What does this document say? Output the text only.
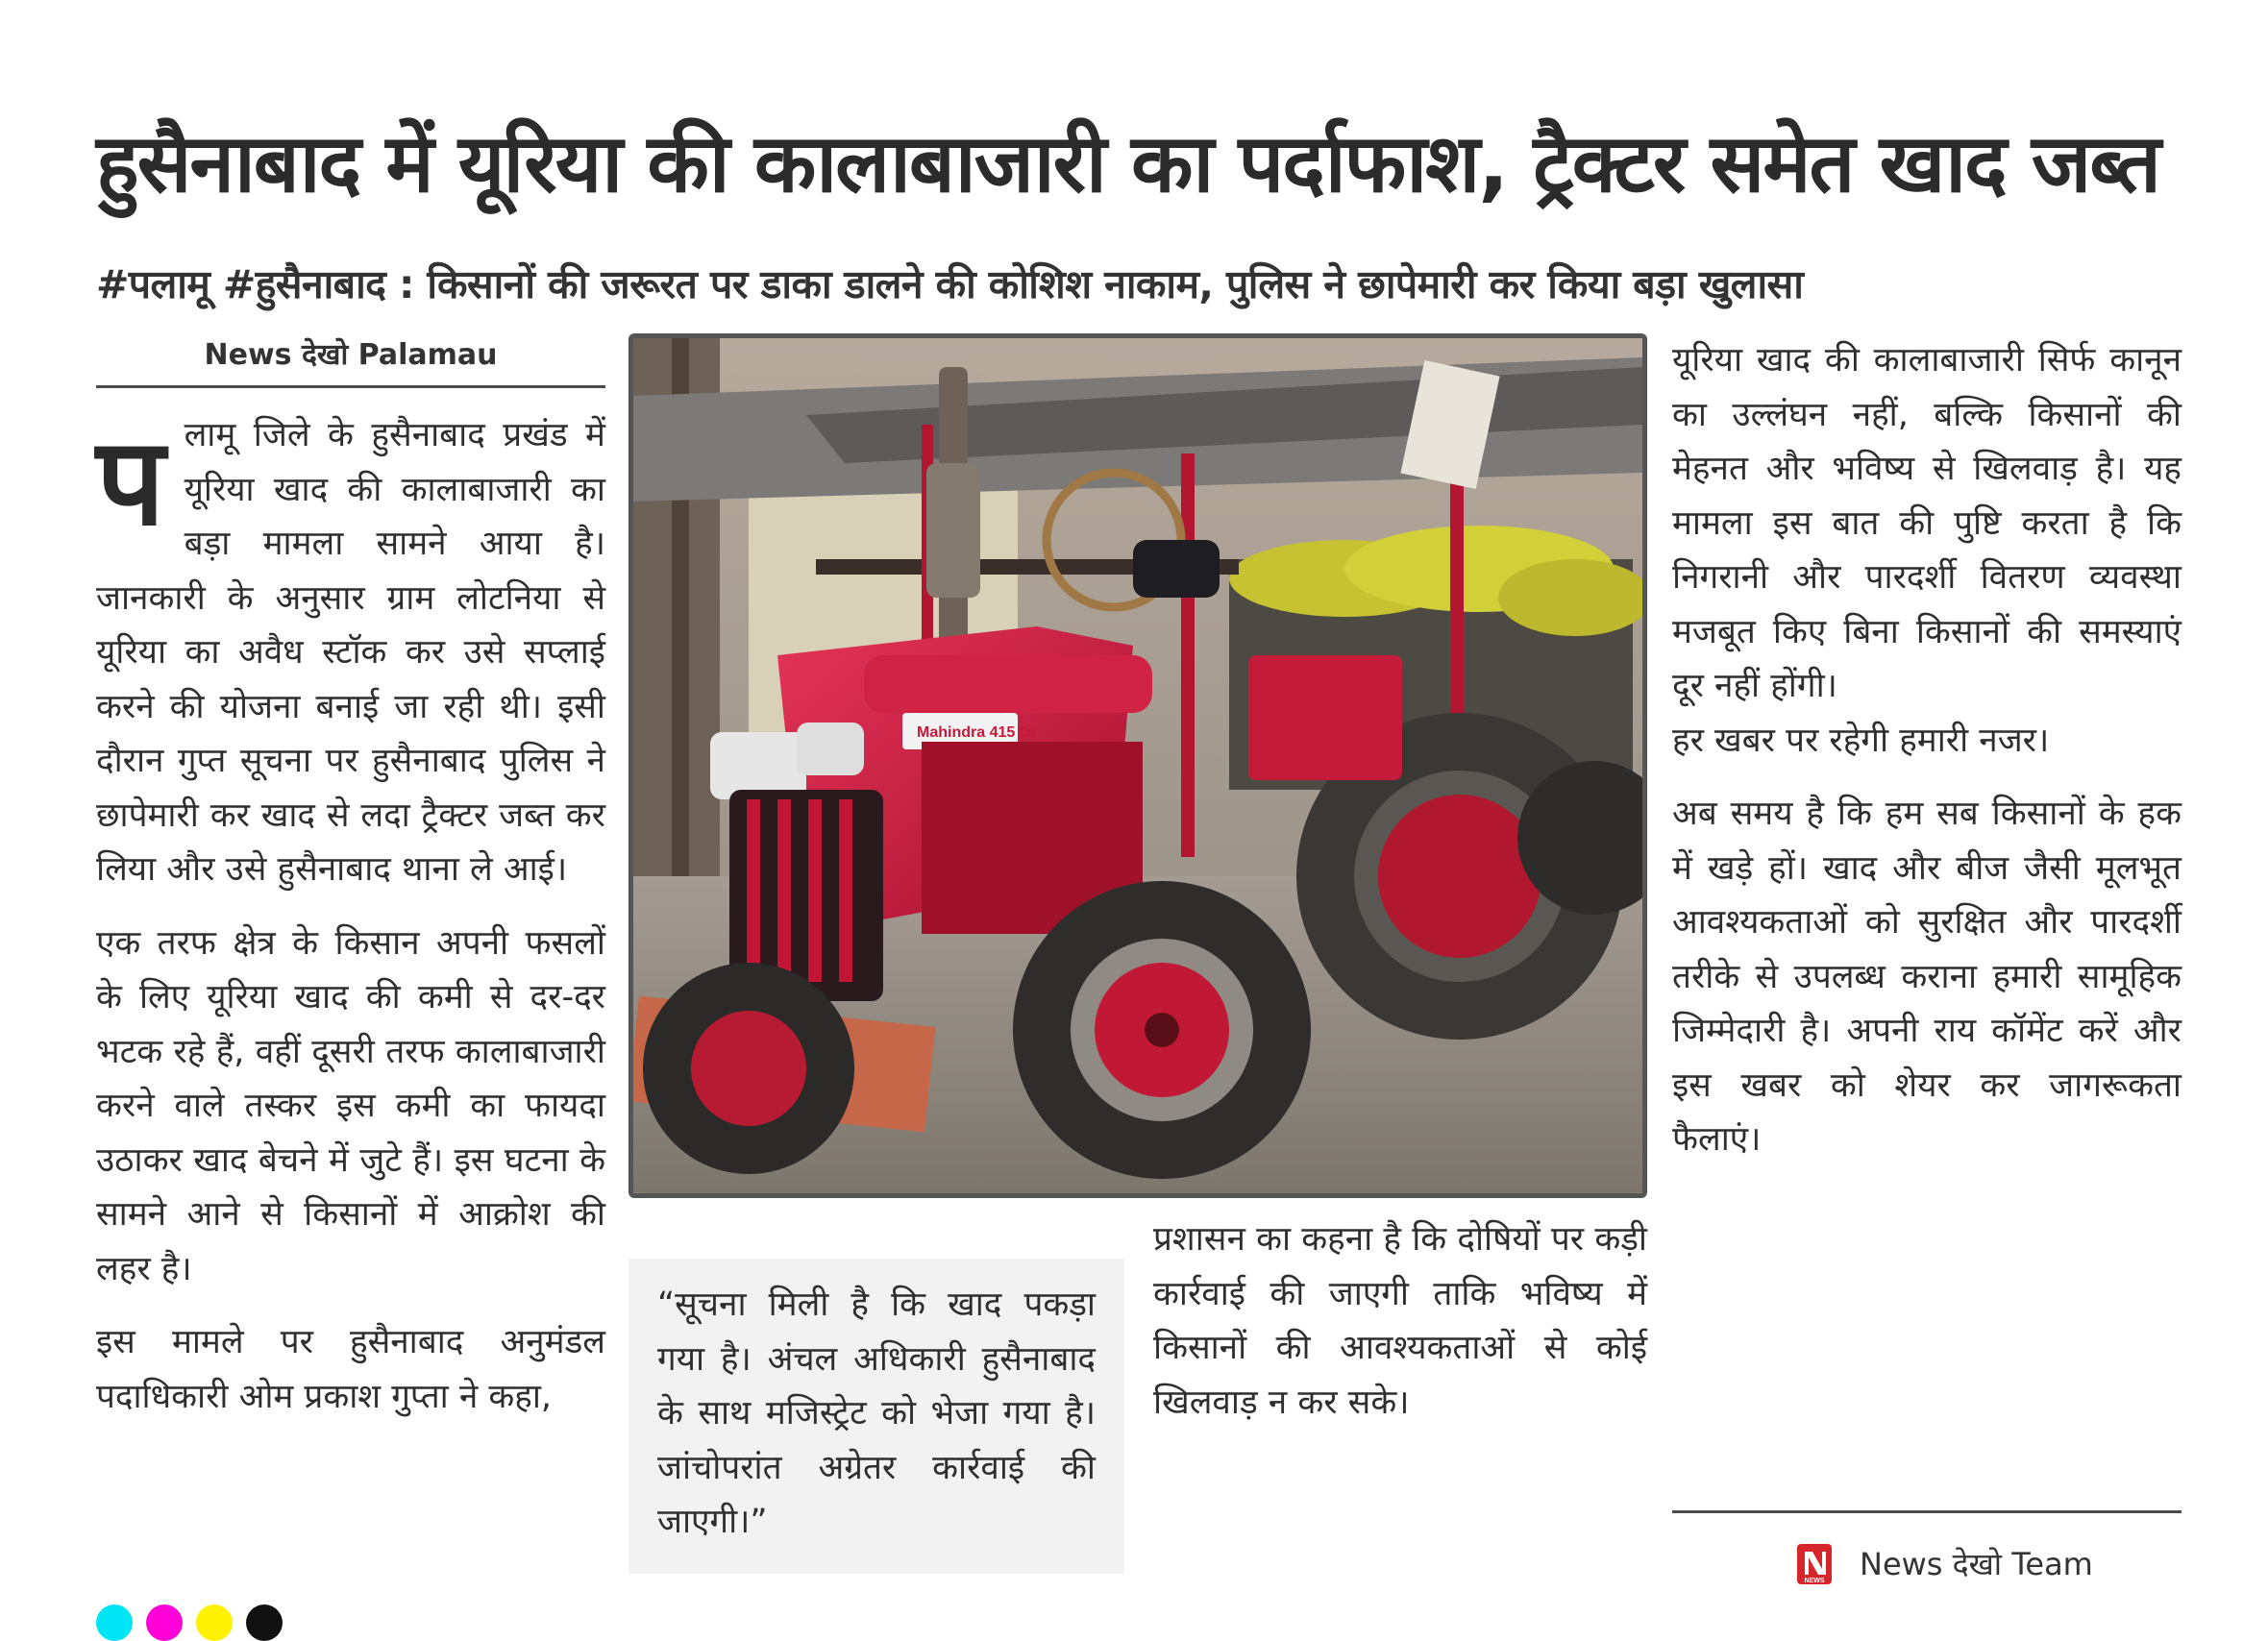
हुसैनाबाद में यूरिया की कालाबाजारी का पर्दाफाश, ट्रैक्टर समेत खाद जब्त
#पलामू #हुसैनाबाद : किसानों की जरूरत पर डाका डालने की कोशिश नाकाम, पुलिस ने छापेमारी कर किया बड़ा खुलासा
News देखो Palamau

पलामू जिले के हुसैनाबाद प्रखंड में यूरिया खाद की कालाबाजारी का बड़ा मामला सामने आया है। जानकारी के अनुसार ग्राम लोटनिया से यूरिया का अवैध स्टॉक कर उसे सप्लाई करने की योजना बनाई जा रही थी। इसी दौरान गुप्त सूचना पर हुसैनाबाद पुलिस ने छापेमारी कर खाद से लदा ट्रैक्टर जब्त कर लिया और उसे हुसैनाबाद थाना ले आई।

एक तरफ क्षेत्र के किसान अपनी फसलों के लिए यूरिया खाद की कमी से दर-दर भटक रहे हैं, वहीं दूसरी तरफ कालाबाजारी करने वाले तस्कर इस कमी का फायदा उठाकर खाद बेचने में जुटे हैं। इस घटना के सामने आने से किसानों में आक्रोश की लहर है।

इस मामले पर हुसैनाबाद अनुमंडल पदाधिकारी ओम प्रकाश गुप्ता ने कहा,

Mahindra 415 DI
“सूचना मिली है कि खाद पकड़ा गया है। अंचल अधिकारी हुसैनाबाद के साथ मजिस्ट्रेट को भेजा गया है। जांचोपरांत अग्रेतर कार्रवाई की जाएगी।”

प्रशासन का कहना है कि दोषियों पर कड़ी कार्रवाई की जाएगी ताकि भविष्य में किसानों की आवश्यकताओं से कोई खिलवाड़ न कर सके।

यूरिया खाद की कालाबाजारी सिर्फ कानून का उल्लंघन नहीं, बल्कि किसानों की मेहनत और भविष्य से खिलवाड़ है। यह मामला इस बात की पुष्टि करता है कि निगरानी और पारदर्शी वितरण व्यवस्था मजबूत किए बिना किसानों की समस्याएं दूर नहीं होंगी।

हर खबर पर रहेगी हमारी नजर।

अब समय है कि हम सब किसानों के हक में खड़े हों। खाद और बीज जैसी मूलभूत आवश्यकताओं को सुरक्षित और पारदर्शी तरीके से उपलब्ध कराना हमारी सामूहिक जिम्मेदारी है। अपनी राय कॉमेंट करें और इस खबर को शेयर कर जागरूकता फैलाएं।

NEWS News देखो Team
